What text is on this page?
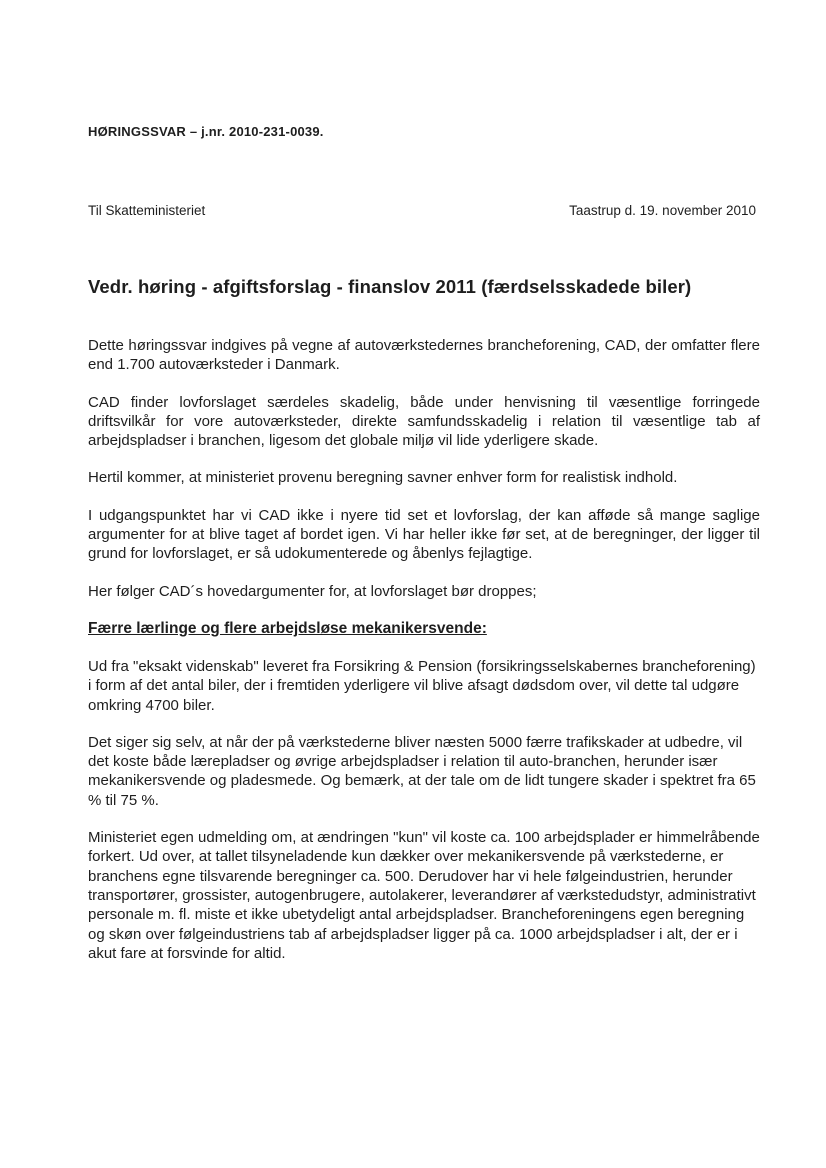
HØRINGSSVAR – j.nr. 2010-231-0039.
Til Skatteministeriet	Taastrup d. 19. november 2010
Vedr. høring - afgiftsforslag - finanslov 2011 (færdselsskadede biler)

Dette høringssvar indgives på vegne af autoværkstedernes brancheforening, CAD, der omfatter flere end 1.700 autoværksteder i Danmark.

CAD finder lovforslaget særdeles skadelig, både under henvisning til væsentlige forringede driftsvilkår for vore autoværksteder, direkte samfundsskadelig i relation til væsentlige tab af arbejdspladser i branchen, ligesom det globale miljø vil lide yderligere skade.

Hertil kommer, at ministeriet provenu beregning savner enhver form for realistisk indhold.

I udgangspunktet har vi CAD ikke i nyere tid set et lovforslag, der kan afføde så mange saglige argumenter for at blive taget af bordet igen. Vi har heller ikke før set, at de beregninger, der ligger til grund for lovforslaget, er så udokumenterede og åbenlys fejlagtige.

Her følger CAD´s hovedargumenter for, at lovforslaget bør droppes;

Færre lærlinge og flere arbejdsløse mekanikersvende:

Ud fra "eksakt videnskab" leveret fra Forsikring & Pension (forsikringsselskabernes brancheforening) i form af det antal biler, der i fremtiden yderligere vil blive afsagt dødsdom over, vil dette tal udgøre omkring 4700 biler.

Det siger sig selv, at når der på værkstederne bliver næsten 5000 færre trafikskader at udbedre, vil det koste både lærepladser og øvrige arbejdspladser i relation til auto-branchen, herunder især mekanikersvende og pladesmede. Og bemærk, at der tale om de lidt tungere skader i spektret fra 65 % til 75 %.

Ministeriet egen udmelding om, at ændringen "kun" vil koste ca. 100 arbejdsplader er himmelråbende forkert. Ud over, at tallet tilsyneladende kun dækker over mekanikersvende på værkstederne, er branchens egne tilsvarende beregninger ca. 500. Derudover har vi hele følgeindustrien, herunder transportører, grossister, autogenbrugere, autolakerer, leverandører af værkstedudstyr, administrativt personale m. fl. miste et ikke ubetydeligt antal arbejdspladser. Brancheforeningens egen beregning og skøn over følgeindustriens tab af arbejdspladser ligger på ca. 1000 arbejdspladser i alt, der er i akut fare at forsvinde for altid.
